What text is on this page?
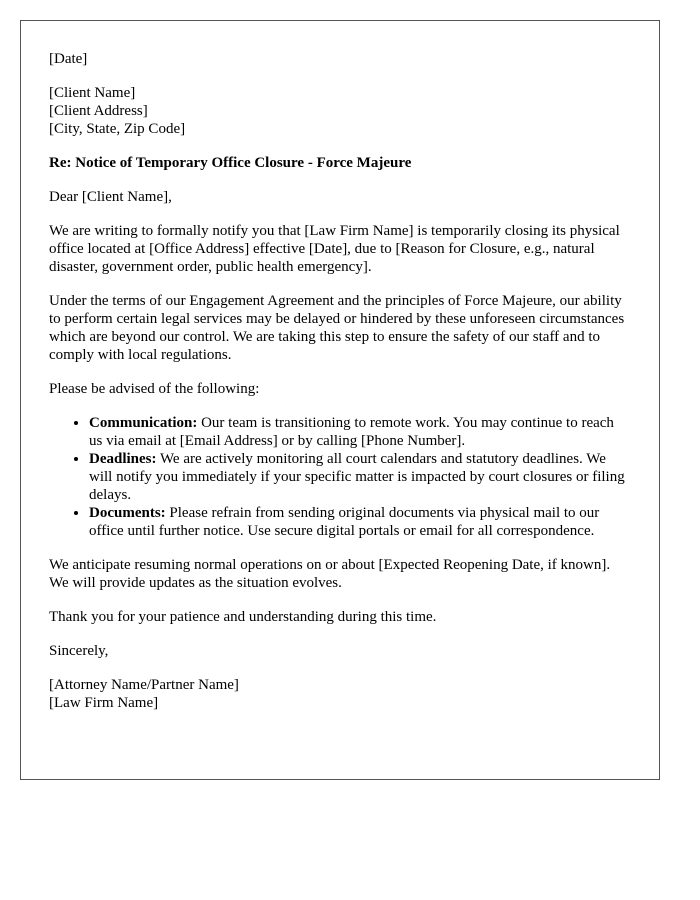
[Date]

[Client Name]
[Client Address]
[City, State, Zip Code]

Re: Notice of Temporary Office Closure - Force Majeure

Dear [Client Name],

We are writing to formally notify you that [Law Firm Name] is temporarily closing its physical office located at [Office Address] effective [Date], due to [Reason for Closure, e.g., natural disaster, government order, public health emergency].

Under the terms of our Engagement Agreement and the principles of Force Majeure, our ability to perform certain legal services may be delayed or hindered by these unforeseen circumstances which are beyond our control. We are taking this step to ensure the safety of our staff and to comply with local regulations.

Please be advised of the following:

• Communication: Our team is transitioning to remote work. You may continue to reach us via email at [Email Address] or by calling [Phone Number].
• Deadlines: We are actively monitoring all court calendars and statutory deadlines. We will notify you immediately if your specific matter is impacted by court closures or filing delays.
• Documents: Please refrain from sending original documents via physical mail to our office until further notice. Use secure digital portals or email for all correspondence.

We anticipate resuming normal operations on or about [Expected Reopening Date, if known]. We will provide updates as the situation evolves.

Thank you for your patience and understanding during this time.

Sincerely,

[Attorney Name/Partner Name]
[Law Firm Name]
